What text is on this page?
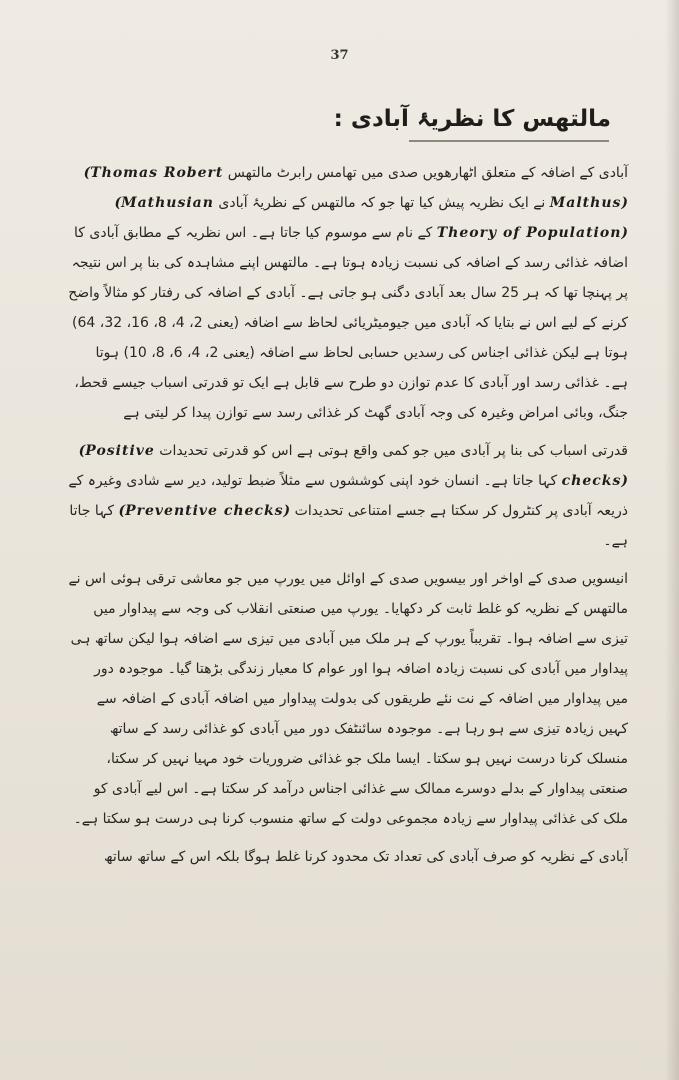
37
مالتھس کا نظریۂ آبادی :

آبادی کے اضافہ کے متعلق اٹھارھویں صدی میں تھامس رابرٹ مالتھس (Thomas Robert Malthus) نے ایک نظریہ پیش کیا تھا جو کہ مالتھس کے نظریۂ آبادی (Mathusian Theory of Population) کے نام سے موسوم کیا جاتا ہے۔ اس نظریہ کے مطابق آبادی کا اضافہ غذائی رسد کے اضافہ کی نسبت زیادہ ہوتا ہے۔ مالتھس اپنے مشاہدہ کی بنا پر اس نتیجہ پر پہنچا تھا کہ ہر 25 سال بعد آبادی دگنی ہو جاتی ہے۔ آبادی کے اضافہ کی رفتار کو مثالاً واضح کرنے کے لیے اس نے بتایا کہ آبادی میں جیومیٹریائی لحاظ سے اضافہ (یعنی 2، 4، 8، 16، 32، 64) ہوتا ہے لیکن غذائی اجناس کی رسدیں حسابی لحاظ سے اضافہ (یعنی 2، 4، 6، 8، 10) ہوتا ہے۔ غذائی رسد اور آبادی کا عدم توازن دو طرح سے قابل ہے ایک تو قدرتی اسباب جیسے قحط، جنگ، وبائی امراض وغیرہ کی وجہ آبادی گھٹ کر غذائی رسد سے توازن پیدا کر لیتی ہے

قدرتی اسباب کی بنا پر آبادی میں جو کمی واقع ہوتی ہے اس کو قدرتی تحدیدات (Positive checks) کہا جاتا ہے۔ انسان خود اپنی کوششوں سے مثلاً ضبط تولید، دیر سے شادی وغیرہ کے ذریعہ آبادی پر کنٹرول کر سکتا ہے جسے امتناعی تحدیدات (Preventive checks) کہا جاتا ہے۔

انیسویں صدی کے اواخر اور بیسویں صدی کے اوائل میں یورپ میں جو معاشی ترقی ہوئی اس نے مالتھس کے نظریہ کو غلط ثابت کر دکھایا۔ یورپ میں صنعتی انقلاب کی وجہ سے پیداوار میں تیزی سے اضافہ ہوا۔ تقریباً یورپ کے ہر ملک میں آبادی میں تیزی سے اضافہ ہوا لیکن ساتھ ہی پیداوار میں آبادی کی نسبت زیادہ اضافہ ہوا اور عوام کا معیار زندگی بڑھتا گیا۔ موجودہ دور میں پیداوار میں اضافہ کے نت نئے طریقوں کی بدولت پیداوار میں اضافہ آبادی کے اضافہ سے کہیں زیادہ تیزی سے ہو رہا ہے۔ موجودہ سائنٹفک دور میں آبادی کو غذائی رسد کے ساتھ منسلک کرنا درست نہیں ہو سکتا۔ ایسا ملک جو غذائی ضروریات خود مہیا نہیں کر سکتا، صنعتی پیداوار کے بدلے دوسرے ممالک سے غذائی اجناس درآمد کر سکتا ہے۔ اس لیے آبادی کو ملک کی غذائی پیداوار سے زیادہ مجموعی دولت کے ساتھ منسوب کرنا ہی درست ہو سکتا ہے۔

آبادی کے نظریہ کو صرف آبادی کی تعداد تک محدود کرنا غلط ہوگا بلکہ اس کے ساتھ ساتھ
